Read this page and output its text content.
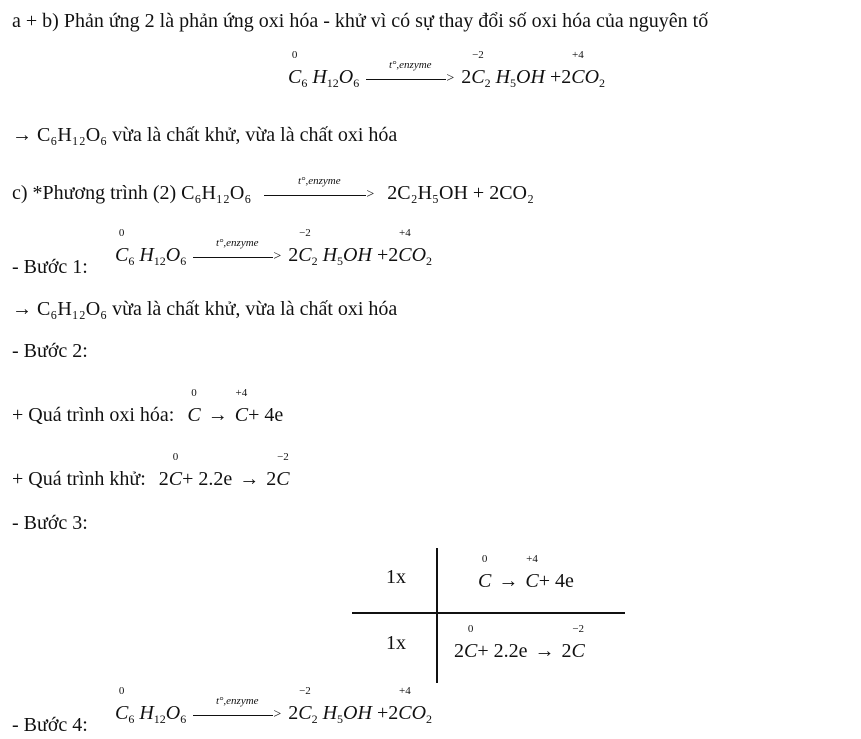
a + b) Phản ứng 2 là phản ứng oxi hóa - khử vì có sự thay đổi số oxi hóa của nguyên tố
0
$C_6$ $H_{12}O_6$
t°,enzyme
> 2
−2
$C_2$ $H_5OH +2$
+4
$CO_2$
→ C₆H₁₂O₆ vừa là chất khử, vừa là chất oxi hóa
c) *Phương trình (2) C₆H₁₂O₆
t°,enzyme
> 2C₂H₅OH + 2CO₂
- Bước 1:
0
$C_6$ $H_{12}O_6$
t°,enzyme
> 2
−2
$C_2$ $H_5OH +2$
+4
$CO_2$
→ C₆H₁₂O₆ vừa là chất khử, vừa là chất oxi hóa
- Bước 2:
+ Quá trình oxi hóa:
0
C →
+4
C+ 4e
+ Quá trình khử: 2
0
C+ 2.2e → 2
−2
C
- Bước 3:
1x
0
C →
+4
C+ 4e
1x 2
0
C+ 2.2e → 2
−2
C
- Bước 4:
0
$C_6$ $H_{12}O_6$
t°,enzyme
> 2
−2
$C_2$ $H_5OH +2$
+4
$CO_2$
